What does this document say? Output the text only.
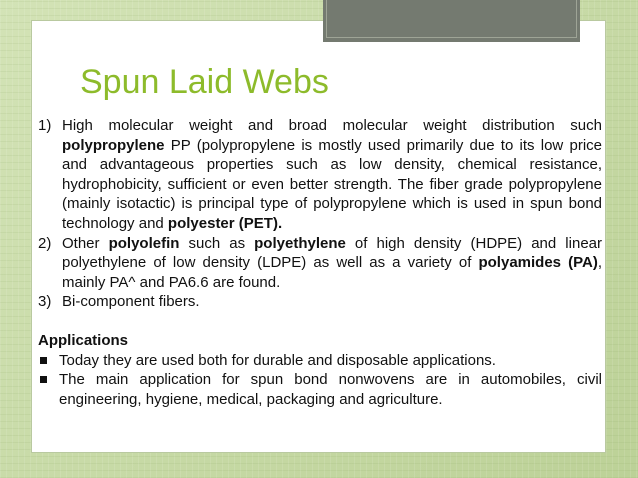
Spun Laid Webs
1) High molecular weight and broad molecular weight distribution such polypropylene PP (polypropylene is mostly used primarily due to its low price and advantageous properties such as low density, chemical resistance, hydrophobicity, sufficient or even better strength. The fiber grade polypropylene (mainly isotactic) is principal type of polypropylene which is used in spun bond technology and polyester (PET).
2) Other polyolefin such as polyethylene of high density (HDPE) and linear polyethylene of low density (LDPE) as well as a variety of polyamides (PA), mainly PA^ and PA6.6 are found.
3) Bi-component fibers.
Applications
Today they are used both for durable and disposable applications.
The main application for spun bond nonwovens are in automobiles, civil engineering, hygiene, medical, packaging and agriculture.
